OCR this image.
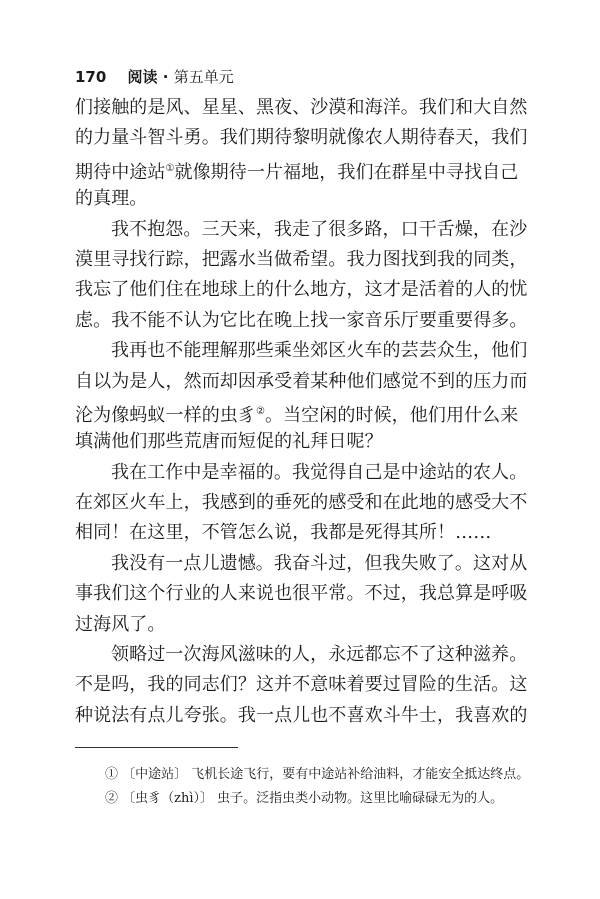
170 阅读 · 第五单元
们接触的是风、星星、黑夜、沙漠和海洋。我们和大自然
的力量斗智斗勇。我们期待黎明就像农人期待春天，我们
期待中途站①就像期待一片福地，我们在群星中寻找自己
的真理。
我不抱怨。三天来，我走了很多路，口干舌燥，在沙
漠里寻找行踪，把露水当做希望。我力图找到我的同类，
我忘了他们住在地球上的什么地方，这才是活着的人的忧
虑。我不能不认为它比在晚上找一家音乐厅要重要得多。
我再也不能理解那些乘坐郊区火车的芸芸众生，他们
自以为是人，然而却因承受着某种他们感觉不到的压力而
沦为像蚂蚁一样的虫豸②。当空闲的时候，他们用什么来
填满他们那些荒唐而短促的礼拜日呢？
我在工作中是幸福的。我觉得自己是中途站的农人。
在郊区火车上，我感到的垂死的感受和在此地的感受大不
相同！在这里，不管怎么说，我都是死得其所！……
我没有一点儿遗憾。我奋斗过，但我失败了。这对从
事我们这个行业的人来说也很平常。不过，我总算是呼吸
过海风了。
领略过一次海风滋味的人，永远都忘不了这种滋养。
不是吗，我的同志们？这并不意味着要过冒险的生活。这
种说法有点儿夸张。我一点儿也不喜欢斗牛士，我喜欢的
① 〔中途站〕 飞机长途飞行，要有中途站补给油料，才能安全抵达终点。
② 〔虫豸（zhì）〕 虫子。泛指虫类小动物。这里比喻碌碌无为的人。
